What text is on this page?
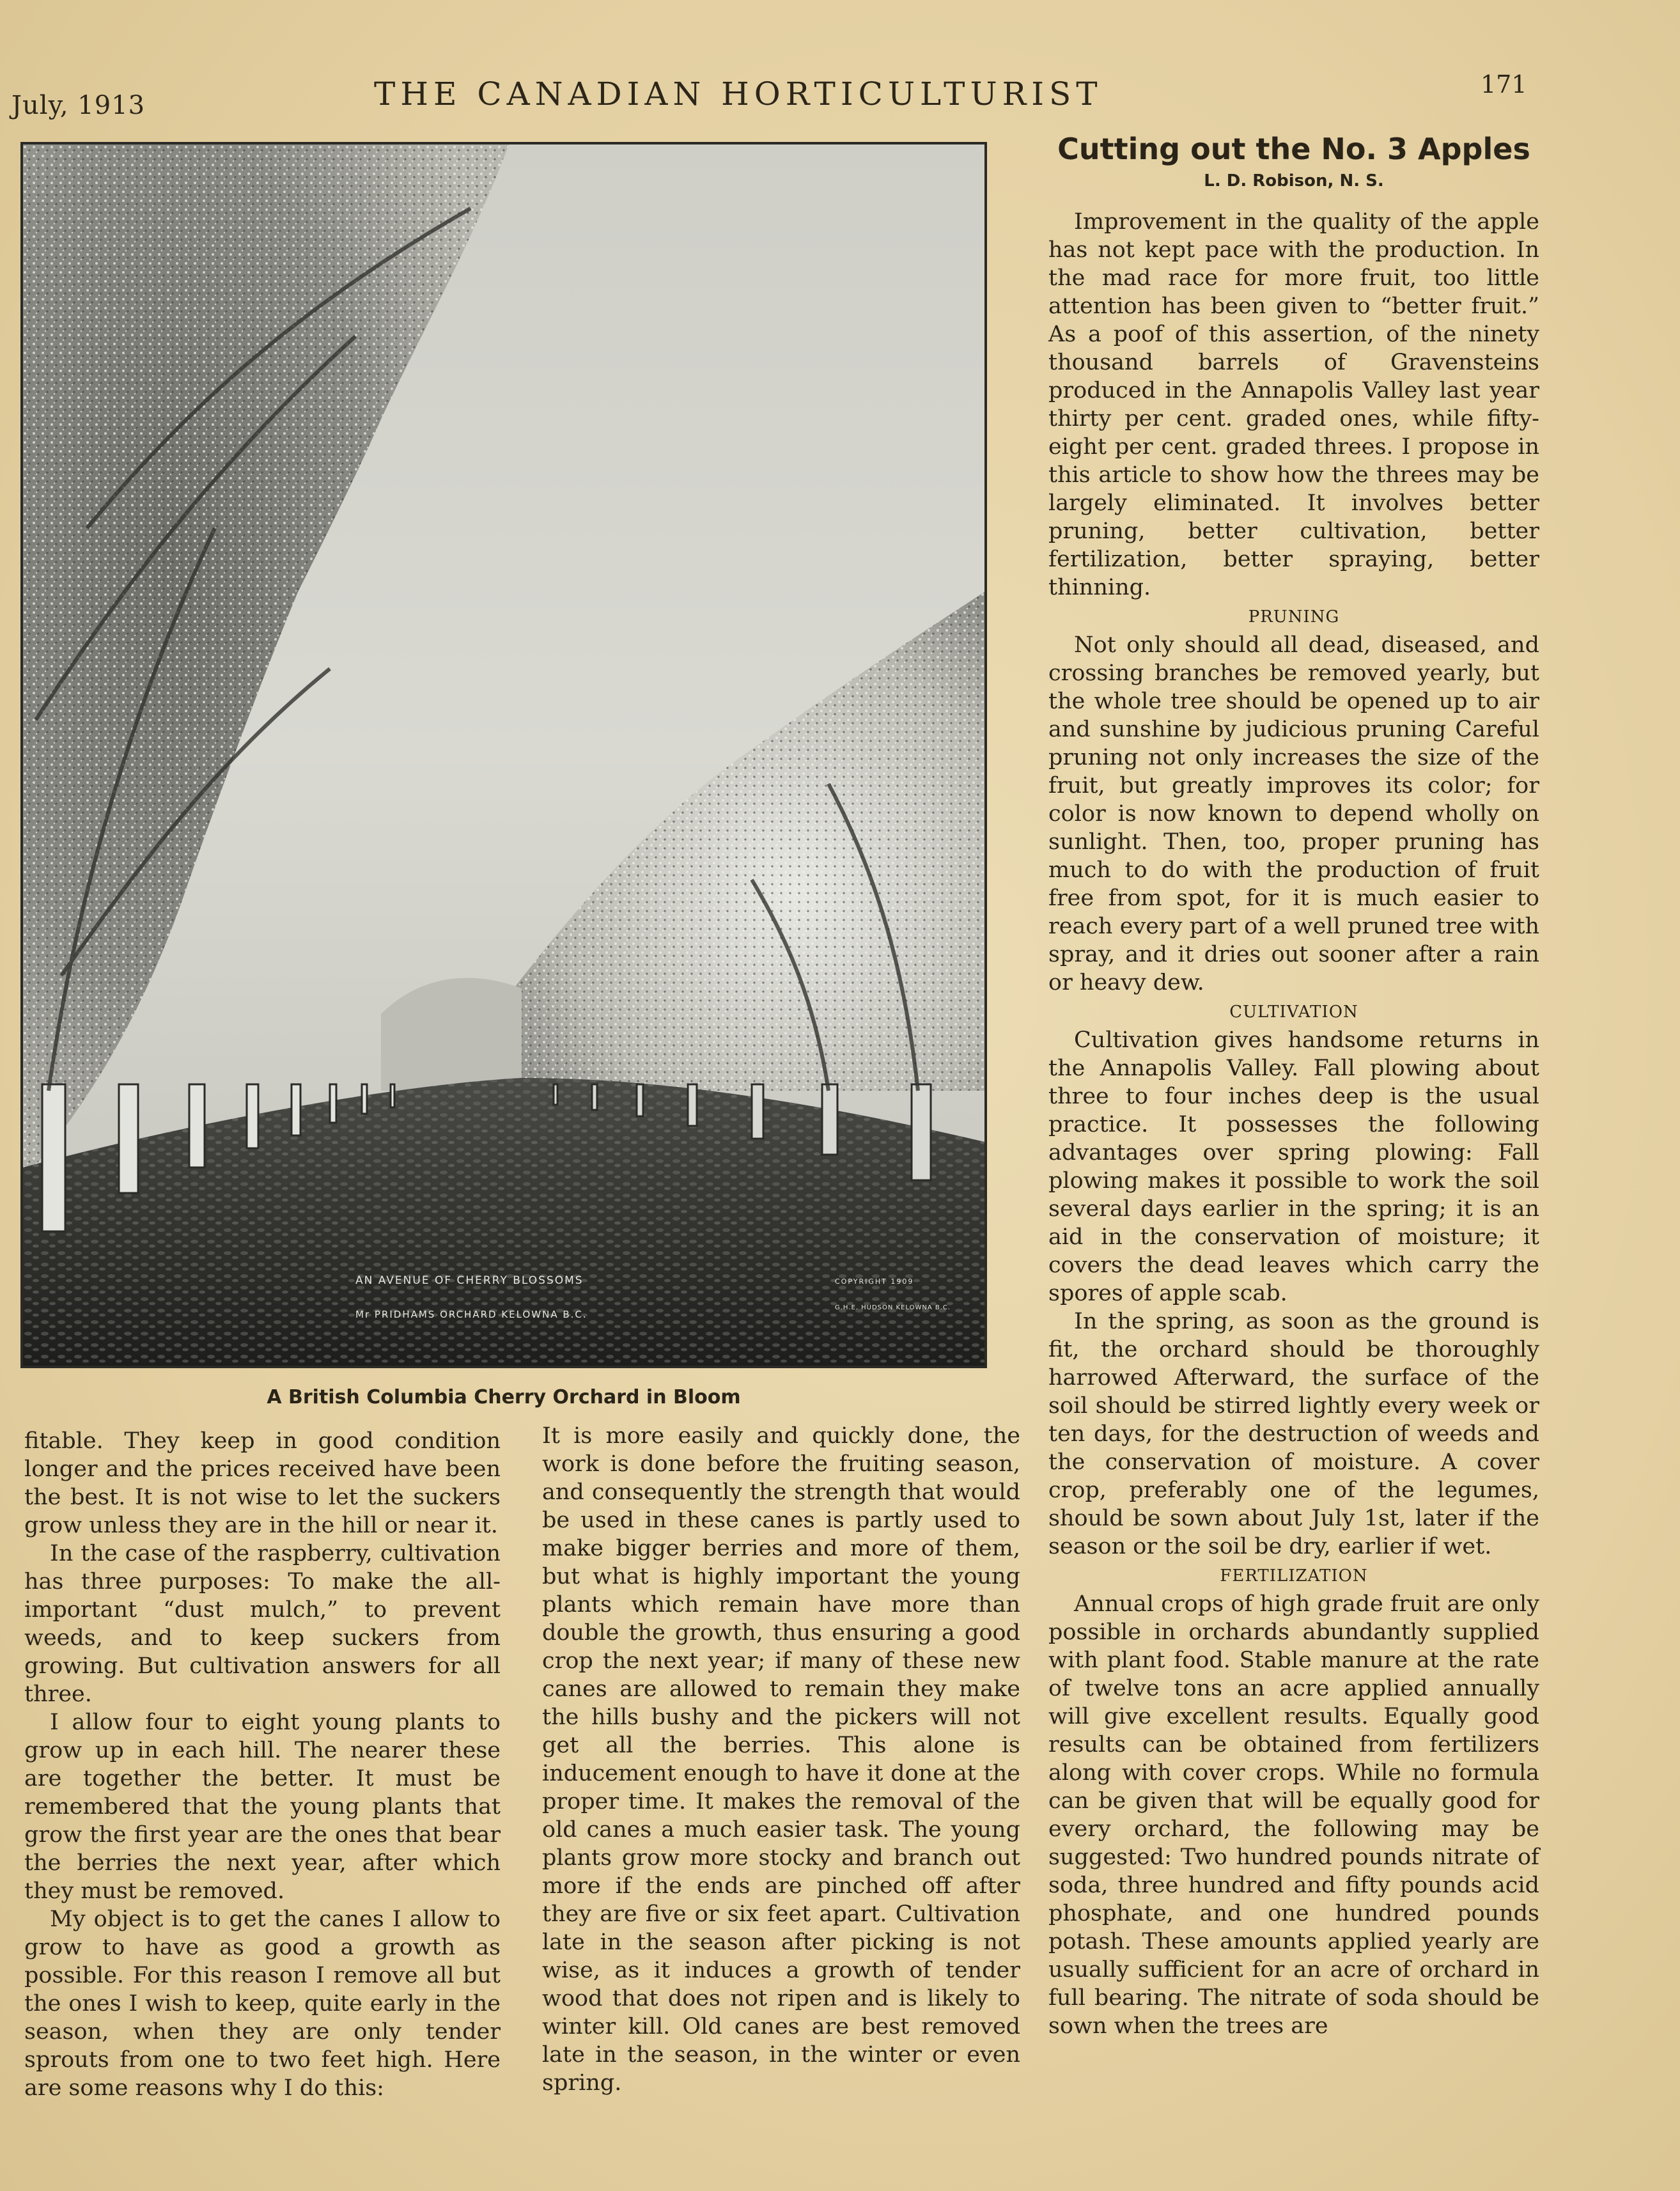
July, 1913	THE CANADIAN HORTICULTURIST	171
AN AVENUE OF CHERRY BLOSSOMS
Mr PRIDHAMS ORCHARD KELOWNA B.C.
COPYRIGHT 1909
G.H.E. HUDSON KELOWNA B.C.
A British Columbia Cherry Orchard in Bloom

fitable. They keep in good condition longer and the prices received have been the best. It is not wise to let the suckers grow unless they are in the hill or near it.

In the case of the raspberry, cultivation has three purposes: To make the all-important “dust mulch,” to prevent weeds, and to keep suckers from growing. But cultivation answers for all three.

I allow four to eight young plants to grow up in each hill. The nearer these are together the better. It must be remembered that the young plants that grow the first year are the ones that bear the berries the next year, after which they must be removed.

My object is to get the canes I allow to grow to have as good a growth as possible. For this reason I remove all but the ones I wish to keep, quite early in the season, when they are only tender sprouts from one to two feet high. Here are some reasons why I do this:

It is more easily and quickly done, the work is done before the fruiting season, and consequently the strength that would be used in these canes is partly used to make bigger berries and more of them, but what is highly important the young plants which remain have more than double the growth, thus ensuring a good crop the next year; if many of these new canes are allowed to remain they make the hills bushy and the pickers will not get all the berries. This alone is inducement enough to have it done at the proper time. It makes the removal of the old canes a much easier task. The young plants grow more stocky and branch out more if the ends are pinched off after they are five or six feet apart. Cultivation late in the season after picking is not wise, as it induces a growth of tender wood that does not ripen and is likely to winter kill. Old canes are best removed late in the season, in the winter or even spring.

Cutting out the No. 3 Apples
L. D. Robison, N. S.

Improvement in the quality of the apple has not kept pace with the production. In the mad race for more fruit, too little attention has been given to “better fruit.” As a poof of this assertion, of the ninety thousand barrels of Gravensteins produced in the Annapolis Valley last year thirty per cent. graded ones, while fifty-eight per cent. graded threes. I propose in this article to show how the threes may be largely eliminated. It involves better pruning, better cultivation, better fertilization, better spraying, better thinning.

PRUNING

Not only should all dead, diseased, and crossing branches be removed yearly, but the whole tree should be opened up to air and sunshine by judicious pruning Careful pruning not only increases the size of the fruit, but greatly improves its color; for color is now known to depend wholly on sunlight. Then, too, proper pruning has much to do with the production of fruit free from spot, for it is much easier to reach every part of a well pruned tree with spray, and it dries out sooner after a rain or heavy dew.

CULTIVATION

Cultivation gives handsome returns in the Annapolis Valley. Fall plowing about three to four inches deep is the usual practice. It possesses the following advantages over spring plowing: Fall plowing makes it possible to work the soil several days earlier in the spring; it is an aid in the conservation of moisture; it covers the dead leaves which carry the spores of apple scab.

In the spring, as soon as the ground is fit, the orchard should be thoroughly harrowed Afterward, the surface of the soil should be stirred lightly every week or ten days, for the destruction of weeds and the conservation of moisture. A cover crop, preferably one of the legumes, should be sown about July 1st, later if the season or the soil be dry, earlier if wet.

FERTILIZATION

Annual crops of high grade fruit are only possible in orchards abundantly supplied with plant food. Stable manure at the rate of twelve tons an acre applied annually will give excellent results. Equally good results can be obtained from fertilizers along with cover crops. While no formula can be given that will be equally good for every orchard, the following may be suggested: Two hundred pounds nitrate of soda, three hundred and fifty pounds acid phosphate, and one hundred pounds potash. These amounts applied yearly are usually sufficient for an acre of orchard in full bearing. The nitrate of soda should be sown when the trees are
